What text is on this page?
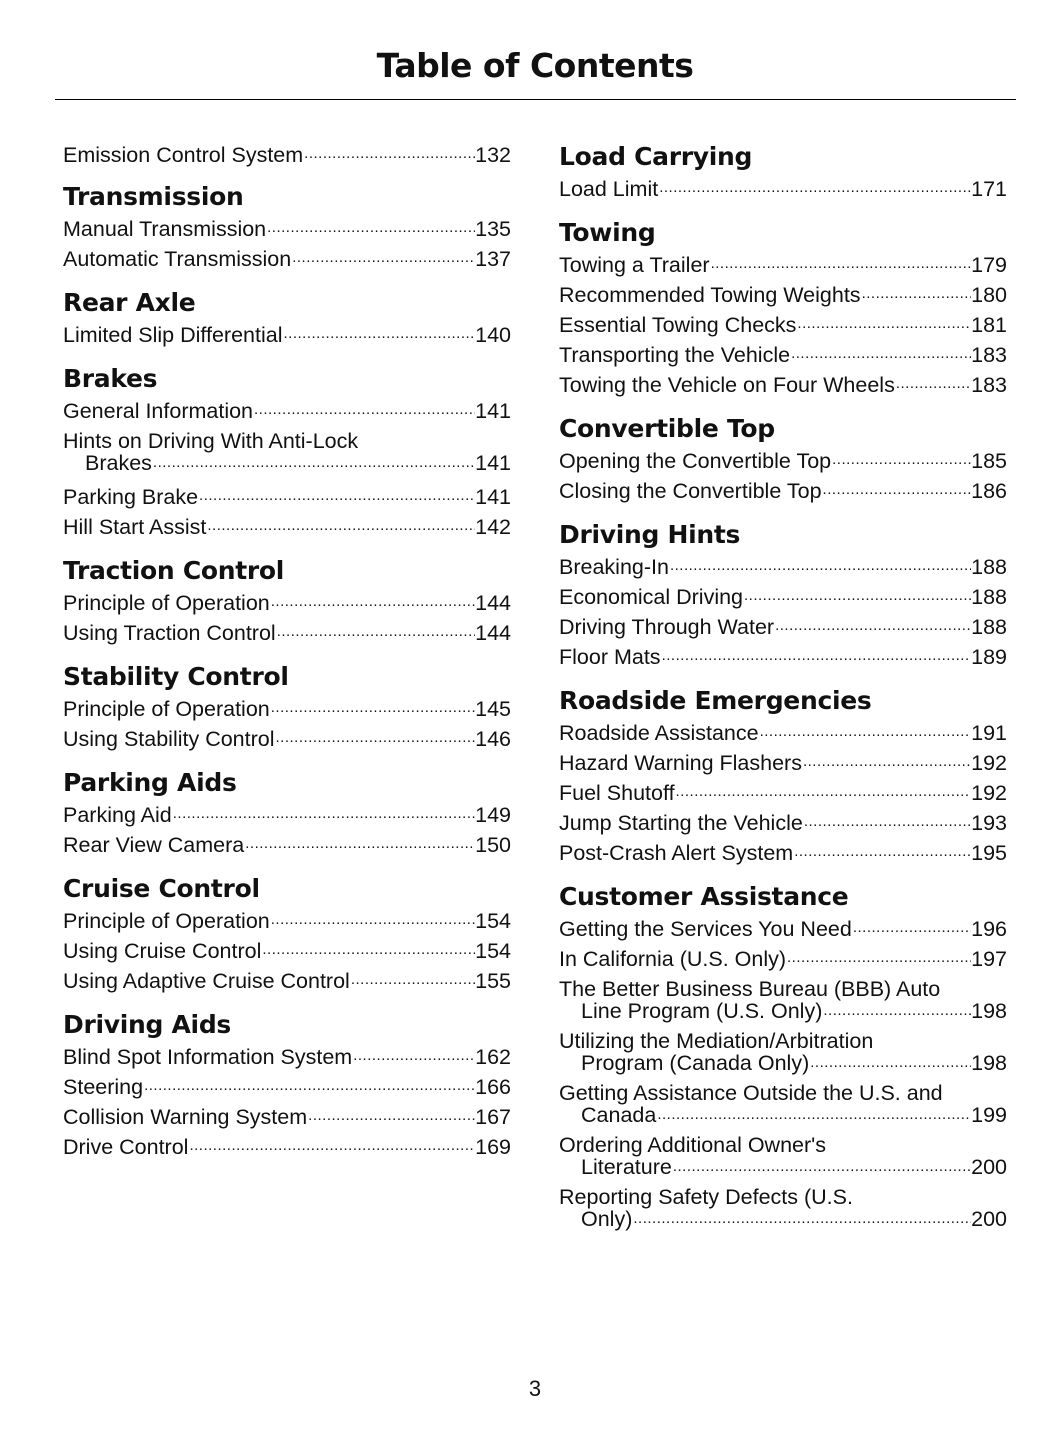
Table of Contents
Emission Control System .....	132
Transmission
Manual Transmission .....	135
Automatic Transmission .....	137
Rear Axle
Limited Slip Differential .....	140
Brakes
General Information .....	141
Hints on Driving With Anti-Lock
Brakes .....	141
Parking Brake .....	141
Hill Start Assist .....	142
Traction Control
Principle of Operation .....	144
Using Traction Control .....	144
Stability Control
Principle of Operation .....	145
Using Stability Control .....	146
Parking Aids
Parking Aid .....	149
Rear View Camera .....	150
Cruise Control
Principle of Operation .....	154
Using Cruise Control .....	154
Using Adaptive Cruise Control .....	155
Driving Aids
Blind Spot Information System .....	162
Steering .....	166
Collision Warning System .....	167
Drive Control .....	169
Load Carrying
Load Limit .....	171
Towing
Towing a Trailer .....	179
Recommended Towing Weights .....	180
Essential Towing Checks .....	181
Transporting the Vehicle .....	183
Towing the Vehicle on Four Wheels .....	183
Convertible Top
Opening the Convertible Top .....	185
Closing the Convertible Top .....	186
Driving Hints
Breaking-In .....	188
Economical Driving .....	188
Driving Through Water .....	188
Floor Mats .....	189
Roadside Emergencies
Roadside Assistance .....	191
Hazard Warning Flashers .....	192
Fuel Shutoff .....	192
Jump Starting the Vehicle .....	193
Post-Crash Alert System .....	195
Customer Assistance
Getting the Services You Need .....	196
In California (U.S. Only) .....	197
The Better Business Bureau (BBB) Auto
Line Program (U.S. Only) .....	198
Utilizing the Mediation/Arbitration
Program (Canada Only) .....	198
Getting Assistance Outside the U.S. and
Canada .....	199
Ordering Additional Owner's
Literature .....	200
Reporting Safety Defects (U.S.
Only) .....	200
3
